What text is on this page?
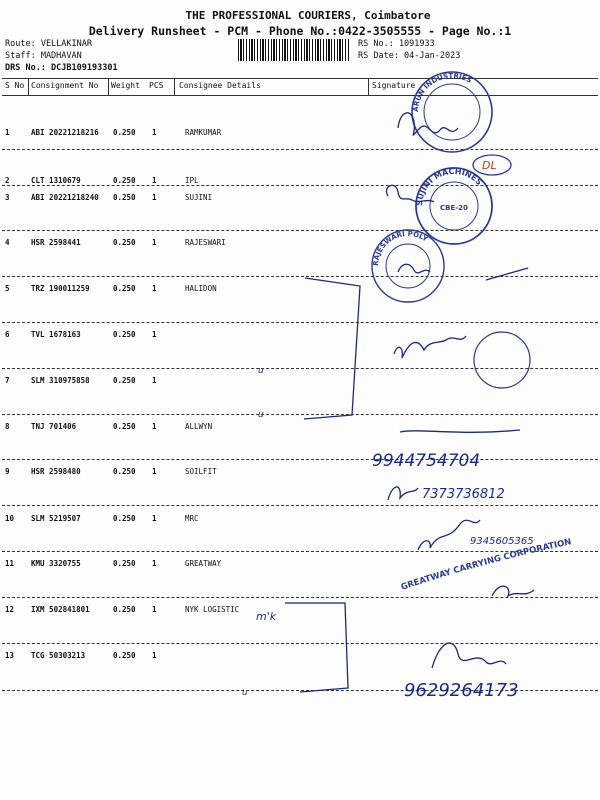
THE PROFESSIONAL COURIERS, Coimbatore
Delivery Runsheet - PCM - Phone No.:0422-3505555 - Page No.:1
Route: VELLAKINAR
Staff: MADHAVAN
DRS No.: DCJB109193301
RS No.: 1091933
RS Date: 04-Jan-2023
S No Consignment No Weight PCS Consignee Details	Signature
1	ABI 20221218216 0.250 1	RAMKUMAR
2	CLT 1310679	0.250 1	IPL
3	ABI 20221218240 0.250 1	SUJINI
4	HSR 2598441	0.250 1	RAJESWARI
5	TRZ 190011259	0.250 1	HALIDON
6	TVL 1678163	0.250 1
7	SLM 310975858	0.250 1
8	TNJ 701406	0.250 1	ALLWYN
9	HSR 2598480	0.250 1	SOILFIT
10 SLM 5219507	0.250 1	MRC
11 KMU 3320755	0.250 1	GREATWAY
12 IXM 502841801	0.250 1	NYK LOGISTIC
13 TCG 50303213	0.250 1
ARUN INDUSTRIES
DL
SUJINI MACHINES
CBE-20
RAJESWARI POLY
u
u
9944754704
7373736812
9345605365
GREATWAY CARRYING CORPORATION
m'k
9629264173
u
